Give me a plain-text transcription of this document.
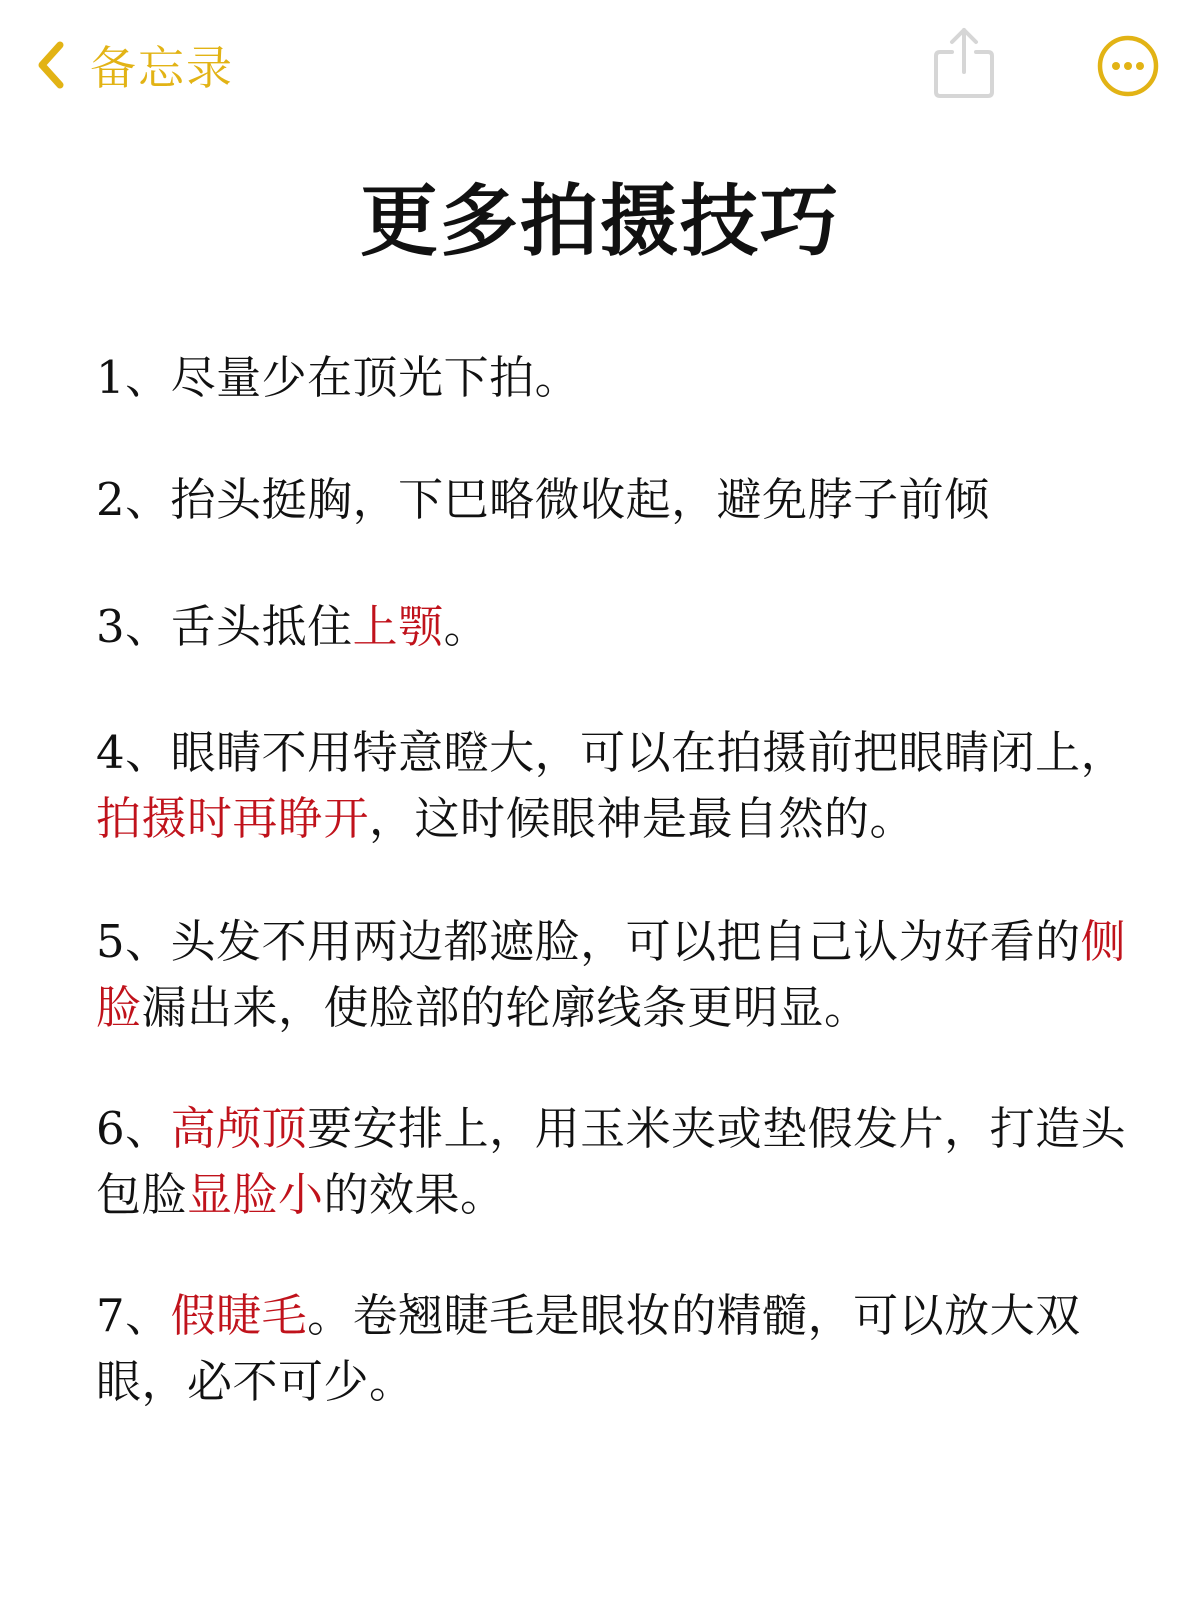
备忘录
更多拍摄技巧

1、尽量少在顶光下拍。

2、抬头挺胸，下巴略微收起，避免脖子前倾

3、舌头抵住上颚。

4、眼睛不用特意瞪大，可以在拍摄前把眼睛闭上，拍摄时再睁开，这时候眼神是最自然的。

5、头发不用两边都遮脸，可以把自己认为好看的侧脸漏出来，使脸部的轮廓线条更明显。

6、高颅顶要安排上，用玉米夹或垫假发片，打造头包脸显脸小的效果。

7、假睫毛。卷翘睫毛是眼妆的精髓，可以放大双眼，必不可少。
